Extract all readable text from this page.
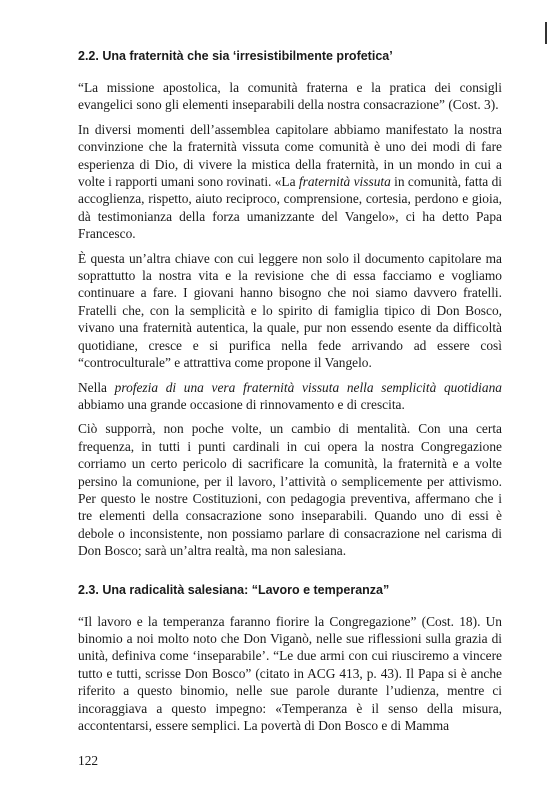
2.2. Una fraternità che sia ‘irresistibilmente profetica’

“La missione apostolica, la comunità fraterna e la pratica dei consigli evangelici sono gli elementi inseparabili della nostra consacrazione” (Cost. 3).

In diversi momenti dell’assemblea capitolare abbiamo manifestato la nostra convinzione che la fraternità vissuta come comunità è uno dei modi di fare esperienza di Dio, di vivere la mistica della fraternità, in un mondo in cui a volte i rapporti umani sono rovinati. «La fraternità vissuta in comunità, fatta di accoglienza, rispetto, aiuto reciproco, comprensione, cortesia, perdono e gioia, dà testimonianza della forza umanizzante del Vangelo», ci ha detto Papa Francesco.

È questa un’altra chiave con cui leggere non solo il documento capitolare ma soprattutto la nostra vita e la revisione che di essa facciamo e vogliamo continuare a fare. I giovani hanno bisogno che noi siamo davvero fratelli. Fratelli che, con la semplicità e lo spirito di famiglia tipico di Don Bosco, vivano una fraternità autentica, la quale, pur non essendo esente da difficoltà quotidiane, cresce e si purifica nella fede arrivando ad essere così “controculturale” e attrattiva come propone il Vangelo.

Nella profezia di una vera fraternità vissuta nella semplicità quotidiana abbiamo una grande occasione di rinnovamento e di crescita.

Ciò supporrà, non poche volte, un cambio di mentalità. Con una certa frequenza, in tutti i punti cardinali in cui opera la nostra Congregazione corriamo un certo pericolo di sacrificare la comunità, la fraternità e a volte persino la comunione, per il lavoro, l’attività o semplicemente per attivismo. Per questo le nostre Costituzioni, con pedagogia preventiva, affermano che i tre elementi della consacrazione sono inseparabili. Quando uno di essi è debole o inconsistente, non possiamo parlare di consacrazione nel carisma di Don Bosco; sarà un’altra realtà, ma non salesiana.

2.3. Una radicalità salesiana: “Lavoro e temperanza”

“Il lavoro e la temperanza faranno fiorire la Congregazione” (Cost. 18). Un binomio a noi molto noto che Don Viganò, nelle sue riflessioni sulla grazia di unità, definiva come ‘inseparabile’. “Le due armi con cui riusciremo a vincere tutto e tutti, scrisse Don Bosco” (citato in ACG 413, p. 43). Il Papa si è anche riferito a questo binomio, nelle sue parole durante l’udienza, mentre ci incoraggiava a questo impegno: «Temperanza è il senso della misura, accontentarsi, essere semplici. La povertà di Don Bosco e di Mamma

122
